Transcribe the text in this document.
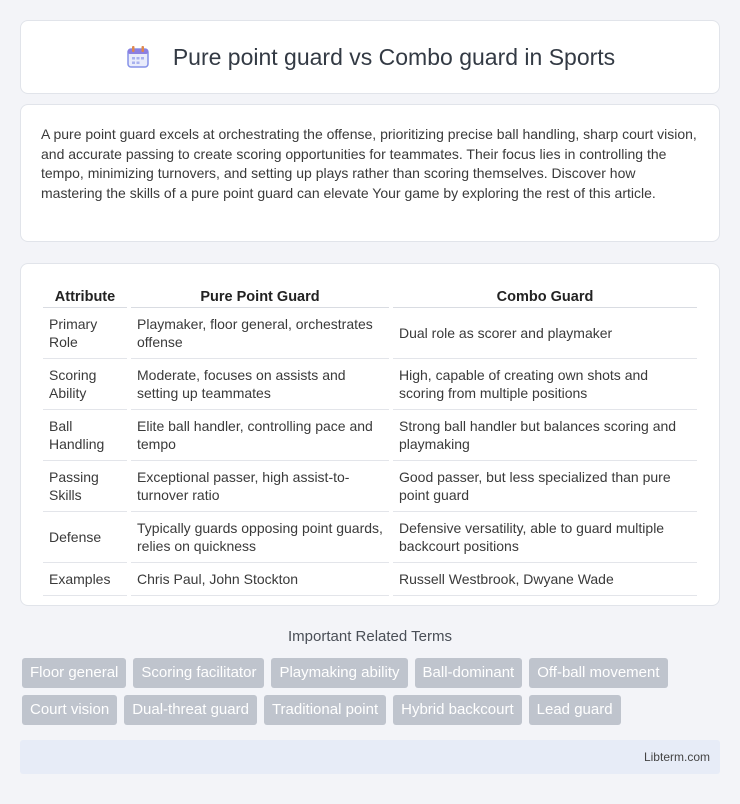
Pure point guard vs Combo guard in Sports

A pure point guard excels at orchestrating the offense, prioritizing precise ball handling, sharp court vision, and accurate passing to create scoring opportunities for teammates. Their focus lies in controlling the tempo, minimizing turnovers, and setting up plays rather than scoring themselves. Discover how mastering the skills of a pure point guard can elevate Your game by exploring the rest of this article.

Attribute	Pure Point Guard	Combo Guard
Primary Role	Playmaker, floor general, orchestrates offense	Dual role as scorer and playmaker
Scoring Ability	Moderate, focuses on assists and setting up teammates	High, capable of creating own shots and scoring from multiple positions
Ball Handling	Elite ball handler, controlling pace and tempo	Strong ball handler but balances scoring and playmaking
Passing Skills	Exceptional passer, high assist-to-turnover ratio	Good passer, but less specialized than pure point guard
Defense	Typically guards opposing point guards, relies on quickness	Defensive versatility, able to guard multiple backcourt positions
Examples	Chris Paul, John Stockton	Russell Westbrook, Dwyane Wade
Important Related Terms
Floor general	Scoring facilitator	Playmaking ability	Ball-dominant	Off-ball movement
Court vision	Dual-threat guard	Traditional point	Hybrid backcourt	Lead guard
Libterm.com
